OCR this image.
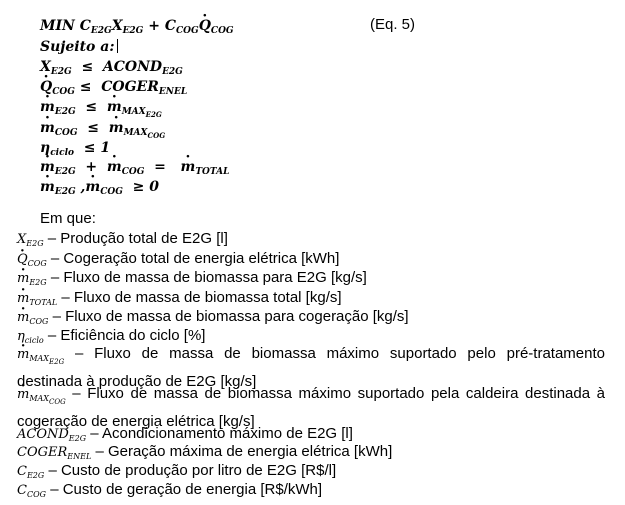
MIN $C_{E2G}X_{E2G} + C_{COG}Q \cdot_{COG}$	(Eq. 5)
Sujeito a:
$X_{E2G}$ ≤ $ACOND_{E2G}$
$Q \cdot_{COG}$ ≤ $COGER_{ENEL}$
$m \cdot_{E2G} \le m \cdot_{MAXE2G}$
$m \cdot_{COG} \le m \cdot_{MAXCOG}$
$\eta_{ciclo} \le 1$
$m \cdot_{E2G} + m \cdot_{COG} = m \cdot_{TOTAL}$
$m \cdot_{E2G}$ $,m \cdot_{COG} \ge 0$
Em que:
$X_{E2G}$ – Produção total de E2G [l]
$Q \cdot_{COG}$ – Cogeração total de energia elétrica [kWh]
$m \cdot_{E2G}$ – Fluxo de massa de biomassa para E2G [kg/s]
$m \cdot_{TOTAL}$ – Fluxo de massa de biomassa total [kg/s]
$m \cdot_{COG}$ – Fluxo de massa de biomassa para cogeração [kg/s]
$\eta_{ciclo}$ – Eficiência do ciclo [%]
$m \cdot_{MAXE2G}$ – Fluxo de massa de biomassa máximo suportado pelo pré-tratamento destinada à produção de E2G [kg/s]
$m \cdot_{MAXCOG}$ – Fluxo de massa de biomassa máximo suportado pela caldeira destinada à cogeração de energia elétrica [kg/s]
$ACOND_{E2G}$ – Acondicionamento máximo de E2G [l]
$COGER_{ENEL}$ – Geração máxima de energia elétrica [kWh]
$C_{E2G}$ – Custo de produção por litro de E2G [R$/l]
$C_{COG}$ – Custo de geração de energia [R$/kWh]
